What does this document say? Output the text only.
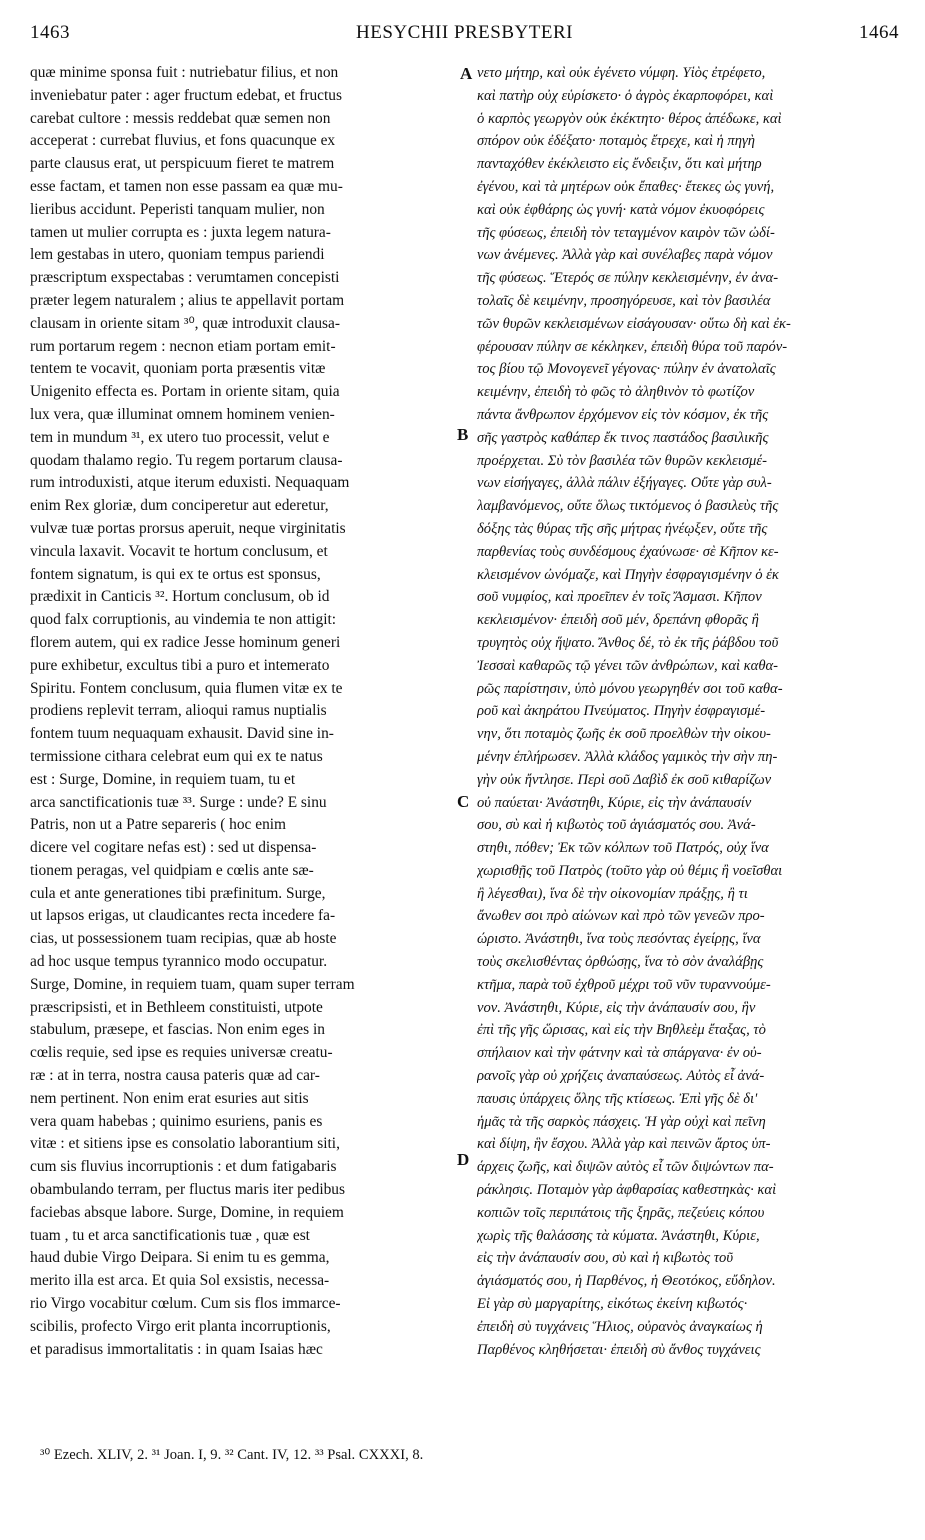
1463	HESYCHII PRESBYTERI	1464
quæ minime sponsa fuit : nutriebatur filius, et non
inveniebatur pater : ager fructum edebat, et fructus
carebat cultore : messis reddebat quæ semen non
acceperat : currebat fluvius, et fons quacunque ex
parte clausus erat, ut perspicuum fieret te matrem
esse factam, et tamen non esse passam ea quæ mu-
lieribus accidunt. Peperisti tanquam mulier, non
tamen ut mulier corrupta es : juxta legem natura-
lem gestabas in utero, quoniam tempus pariendi
præscriptum exspectabas : verumtamen concepisti
præter legem naturalem ; alius te appellavit portam
clausam in oriente sitam ³⁰, quæ introduxit clausa-
rum portarum regem : necnon etiam portam emit-
tentem te vocavit, quoniam porta præsentis vitæ
Unigenito effecta es. Portam in oriente sitam, quia
lux vera, quæ illuminat omnem hominem venien-
tem in mundum ³¹, ex utero tuo processit, velut e
quodam thalamo regio. Tu regem portarum clausa-
rum introduxisti, atque iterum eduxisti. Nequaquam
enim Rex gloriæ, dum conciperetur aut ederetur,
vulvæ tuæ portas prorsus aperuit, neque virginitatis
vincula laxavit. Vocavit te hortum conclusum, et
fontem signatum, is qui ex te ortus est sponsus,
prædixit in Canticis ³². Hortum conclusum, ob id
quod falx corruptionis, au vindemia te non attigit:
florem autem, qui ex radice Jesse hominum generi
pure exhibetur, excultus tibi a puro et intemerato
Spiritu. Fontem conclusum, quia flumen vitæ ex te
prodiens replevit terram, alioqui ramus nuptialis
fontem tuum nequaquam exhausit. David sine in-
termissione cithara celebrat eum qui ex te natus
est : Surge, Domine, in requiem tuam, tu et
arca sanctificationis tuæ ³³. Surge : unde? E sinu
Patris, non ut a Patre separeris ( hoc enim
dicere vel cogitare nefas est) : sed ut dispensa-
tionem peragas, vel quidpiam e cœlis ante sæ-
cula et ante generationes tibi præfinitum. Surge,
ut lapsos erigas, ut claudicantes recta incedere fa-
cias, ut possessionem tuam recipias, quæ ab hoste
ad hoc usque tempus tyrannico modo occupatur.
Surge, Domine, in requiem tuam, quam super terram
præscripsisti, et in Bethleem constituisti, utpote
stabulum, præsepe, et fascias. Non enim eges in
cœlis requie, sed ipse es requies universæ creatu-
ræ : at in terra, nostra causa pateris quæ ad car-
nem pertinent. Non enim erat esuries aut sitis
vera quam habebas ; quinimo esuriens, panis es
vitæ : et sitiens ipse es consolatio laborantium siti,
cum sis fluvius incorruptionis : et dum fatigabaris
obambulando terram, per fluctus maris iter pedibus
faciebas absque labore. Surge, Domine, in requiem
tuam , tu et arca sanctificationis tuæ , quæ est
haud dubie Virgo Deipara. Si enim tu es gemma,
merito illa est arca. Et quia Sol exsistis, necessa-
rio Virgo vocabitur cœlum. Cum sis flos immarce-
scibilis, profecto Virgo erit planta incorruptionis,
et paradisus immortalitatis : in quam Isaias hæc
νετο μήτηρ, καὶ οὐκ ἐγένετο νύμφη. Υἱὸς ἐτρέφετο,
καὶ πατὴρ οὐχ εὑρίσκετο· ὁ ἀγρὸς ἐκαρποφόρει, καὶ
ὁ καρπὸς γεωργὸν οὐκ ἐκέκτητο· θέρος ἀπέδωκε, καὶ
σπόρον οὐκ ἐδέξατο· ποταμὸς ἔτρεχε, καὶ ἡ πηγὴ
πανταχόθεν ἐκέκλειστο εἰς ἔνδειξιν, ὅτι καὶ μήτηρ
ἐγένου, καὶ τὰ μητέρων οὐκ ἔπαθες· ἔτεκες ὡς γυνή,
καὶ οὐκ ἐφθάρης ὡς γυνή· κατὰ νόμον ἐκυοφόρεις
τῆς φύσεως, ἐπειδὴ τὸν τεταγμένον καιρὸν τῶν ὠδί-
νων ἀνέμενες. Ἀλλὰ γὰρ καὶ συνέλαβες παρὰ νόμον
τῆς φύσεως. Ἕτερός σε πύλην κεκλεισμένην, ἐν ἀνα-
τολαῖς δὲ κειμένην, προσηγόρευσε, καὶ τὸν βασιλέα
τῶν θυρῶν κεκλεισμένων εἰσάγουσαν· οὕτω δὴ καὶ ἐκ-
φέρουσαν πύλην σε κέκληκεν, ἐπειδὴ θύρα τοῦ παρόν-
τος βίου τῷ Μονογενεῖ γέγονας· πύλην ἐν ἀνατολαῖς
κειμένην, ἐπειδὴ τὸ φῶς τὸ ἀληθινὸν τὸ φωτίζον
πάντα ἄνθρωπον ἐρχόμενον εἰς τὸν κόσμον, ἐκ τῆς
σῆς γαστρὸς καθάπερ ἔκ τινος παστάδος βασιλικῆς
προέρχεται. Σὺ τὸν βασιλέα τῶν θυρῶν κεκλεισμέ-
νων εἰσήγαγες, ἀλλὰ πάλιν ἐξήγαγες. Οὔτε γὰρ συλ-
λαμβανόμενος, οὔτε ὅλως τικτόμενος ὁ βασιλεὺς τῆς
δόξης τὰς θύρας τῆς σῆς μήτρας ἠνέῳξεν, οὔτε τῆς
παρθενίας τοὺς συνδέσμους ἐχαύνωσε· σὲ Κῆπον κε-
κλεισμένον ὠνόμαζε, καὶ Πηγὴν ἐσφραγισμένην ὁ ἐκ
σοῦ νυμφίος, καὶ προεῖπεν ἐν τοῖς Ἄσμασι. Κῆπον
κεκλεισμένον· ἐπειδὴ σοῦ μέν, δρεπάνη φθορᾶς ἢ
τρυγητὸς οὐχ ἥψατο. Ἄνθος δέ, τὸ ἐκ τῆς ῥάβδου τοῦ
Ἰεσσαὶ καθαρῶς τῷ γένει τῶν ἀνθρώπων, καὶ καθα-
ρῶς παρίστησιν, ὑπὸ μόνου γεωργηθέν σοι τοῦ καθα-
ροῦ καὶ ἀκηράτου Πνεύματος. Πηγὴν ἐσφραγισμέ-
νην, ὅτι ποταμὸς ζωῆς ἐκ σοῦ προελθὼν τὴν οἰκου-
μένην ἐπλήρωσεν. Ἀλλὰ κλάδος γαμικὸς τὴν σὴν πη-
γὴν οὐκ ἤντλησε. Περὶ σοῦ Δαβὶδ ἐκ σοῦ κιθαρίζων
οὐ παύεται· Ἀνάστηθι, Κύριε, εἰς τὴν ἀνάπαυσίν
σου, σὺ καὶ ἡ κιβωτὸς τοῦ ἁγιάσματός σου. Ἀνά-
στηθι, πόθεν; Ἐκ τῶν κόλπων τοῦ Πατρός, οὐχ ἵνα
χωρισθῇς τοῦ Πατρὸς (τοῦτο γὰρ οὐ θέμις ἢ νοεῖσθαι
ἢ λέγεσθαι), ἵνα δὲ τὴν οἰκονομίαν πράξῃς, ἢ τι
ἄνωθεν σοι πρὸ αἰώνων καὶ πρὸ τῶν γενεῶν προ-
ώριστο. Ἀνάστηθι, ἵνα τοὺς πεσόντας ἐγείρῃς, ἵνα
τοὺς σκελισθέντας ὀρθώσῃς, ἵνα τὸ σὸν ἀναλάβῃς
κτῆμα, παρὰ τοῦ ἐχθροῦ μέχρι τοῦ νῦν τυραννούμε-
νον. Ἀνάστηθι, Κύριε, εἰς τὴν ἀνάπαυσίν σου, ἣν
ἐπὶ τῆς γῆς ὥρισας, καὶ εἰς τὴν Βηθλεὲμ ἔταξας, τὸ
σπήλαιον καὶ τὴν φάτνην καὶ τὰ σπάργανα· ἐν οὐ-
ρανοῖς γὰρ οὐ χρήζεις ἀναπαύσεως. Αὐτὸς εἶ ἀνά-
παυσις ὑπάρχεις ὅλης τῆς κτίσεως. Ἐπὶ γῆς δὲ δι'
ἡμᾶς τὰ τῆς σαρκὸς πάσχεις. Ἡ γὰρ οὐχὶ καὶ πεῖνη
καὶ δίψη, ἣν ἔσχου. Ἀλλὰ γὰρ καὶ πεινῶν ἄρτος ὑπ-
άρχεις ζωῆς, καὶ διψῶν αὐτὸς εἶ τῶν διψώντων πα-
ράκλησις. Ποταμὸν γὰρ ἀφθαρσίας καθεστηκὰς· καὶ
κοπιῶν τοῖς περιπάτοις τῆς ξηρᾶς, πεζεύεις κόπου
χωρὶς τῆς θαλάσσης τὰ κύματα. Ἀνάστηθι, Κύριε,
εἰς τὴν ἀνάπαυσίν σου, σὺ καὶ ἡ κιβωτὸς τοῦ
ἁγιάσματός σου, ἡ Παρθένος, ἡ Θεοτόκος, εὔδηλον.
Εἰ γὰρ σὺ μαργαρίτης, εἰκότως ἐκείνη κιβωτός·
ἐπειδὴ σὺ τυγχάνεις Ἥλιος, οὐρανὸς ἀναγκαίως ἡ
Παρθένος κληθήσεται· ἐπειδὴ σὺ ἄνθος τυγχάνεις
A
B
C
D
³⁰ Ezech. XLIV, 2. ³¹ Joan. I, 9. ³² Cant. IV, 12. ³³ Psal. CXXXI, 8.
